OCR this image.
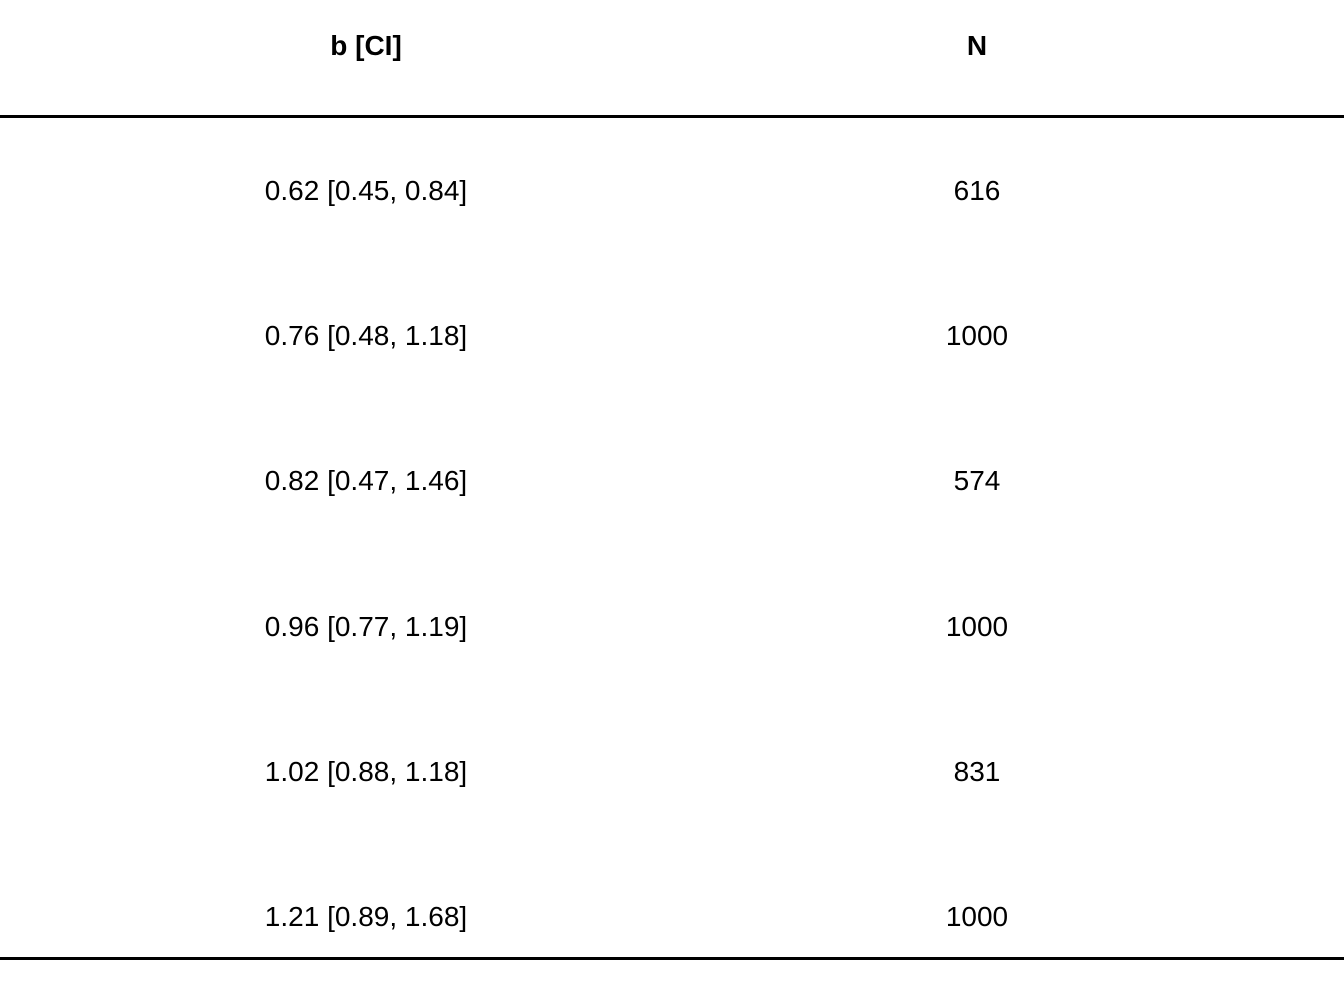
b [CI]	N
0.62 [0.45, 0.84]	616
0.76 [0.48, 1.18]	1000
0.82 [0.47, 1.46]	574
0.96 [0.77, 1.19]	1000
1.02 [0.88, 1.18]	831
1.21 [0.89, 1.68]	1000
